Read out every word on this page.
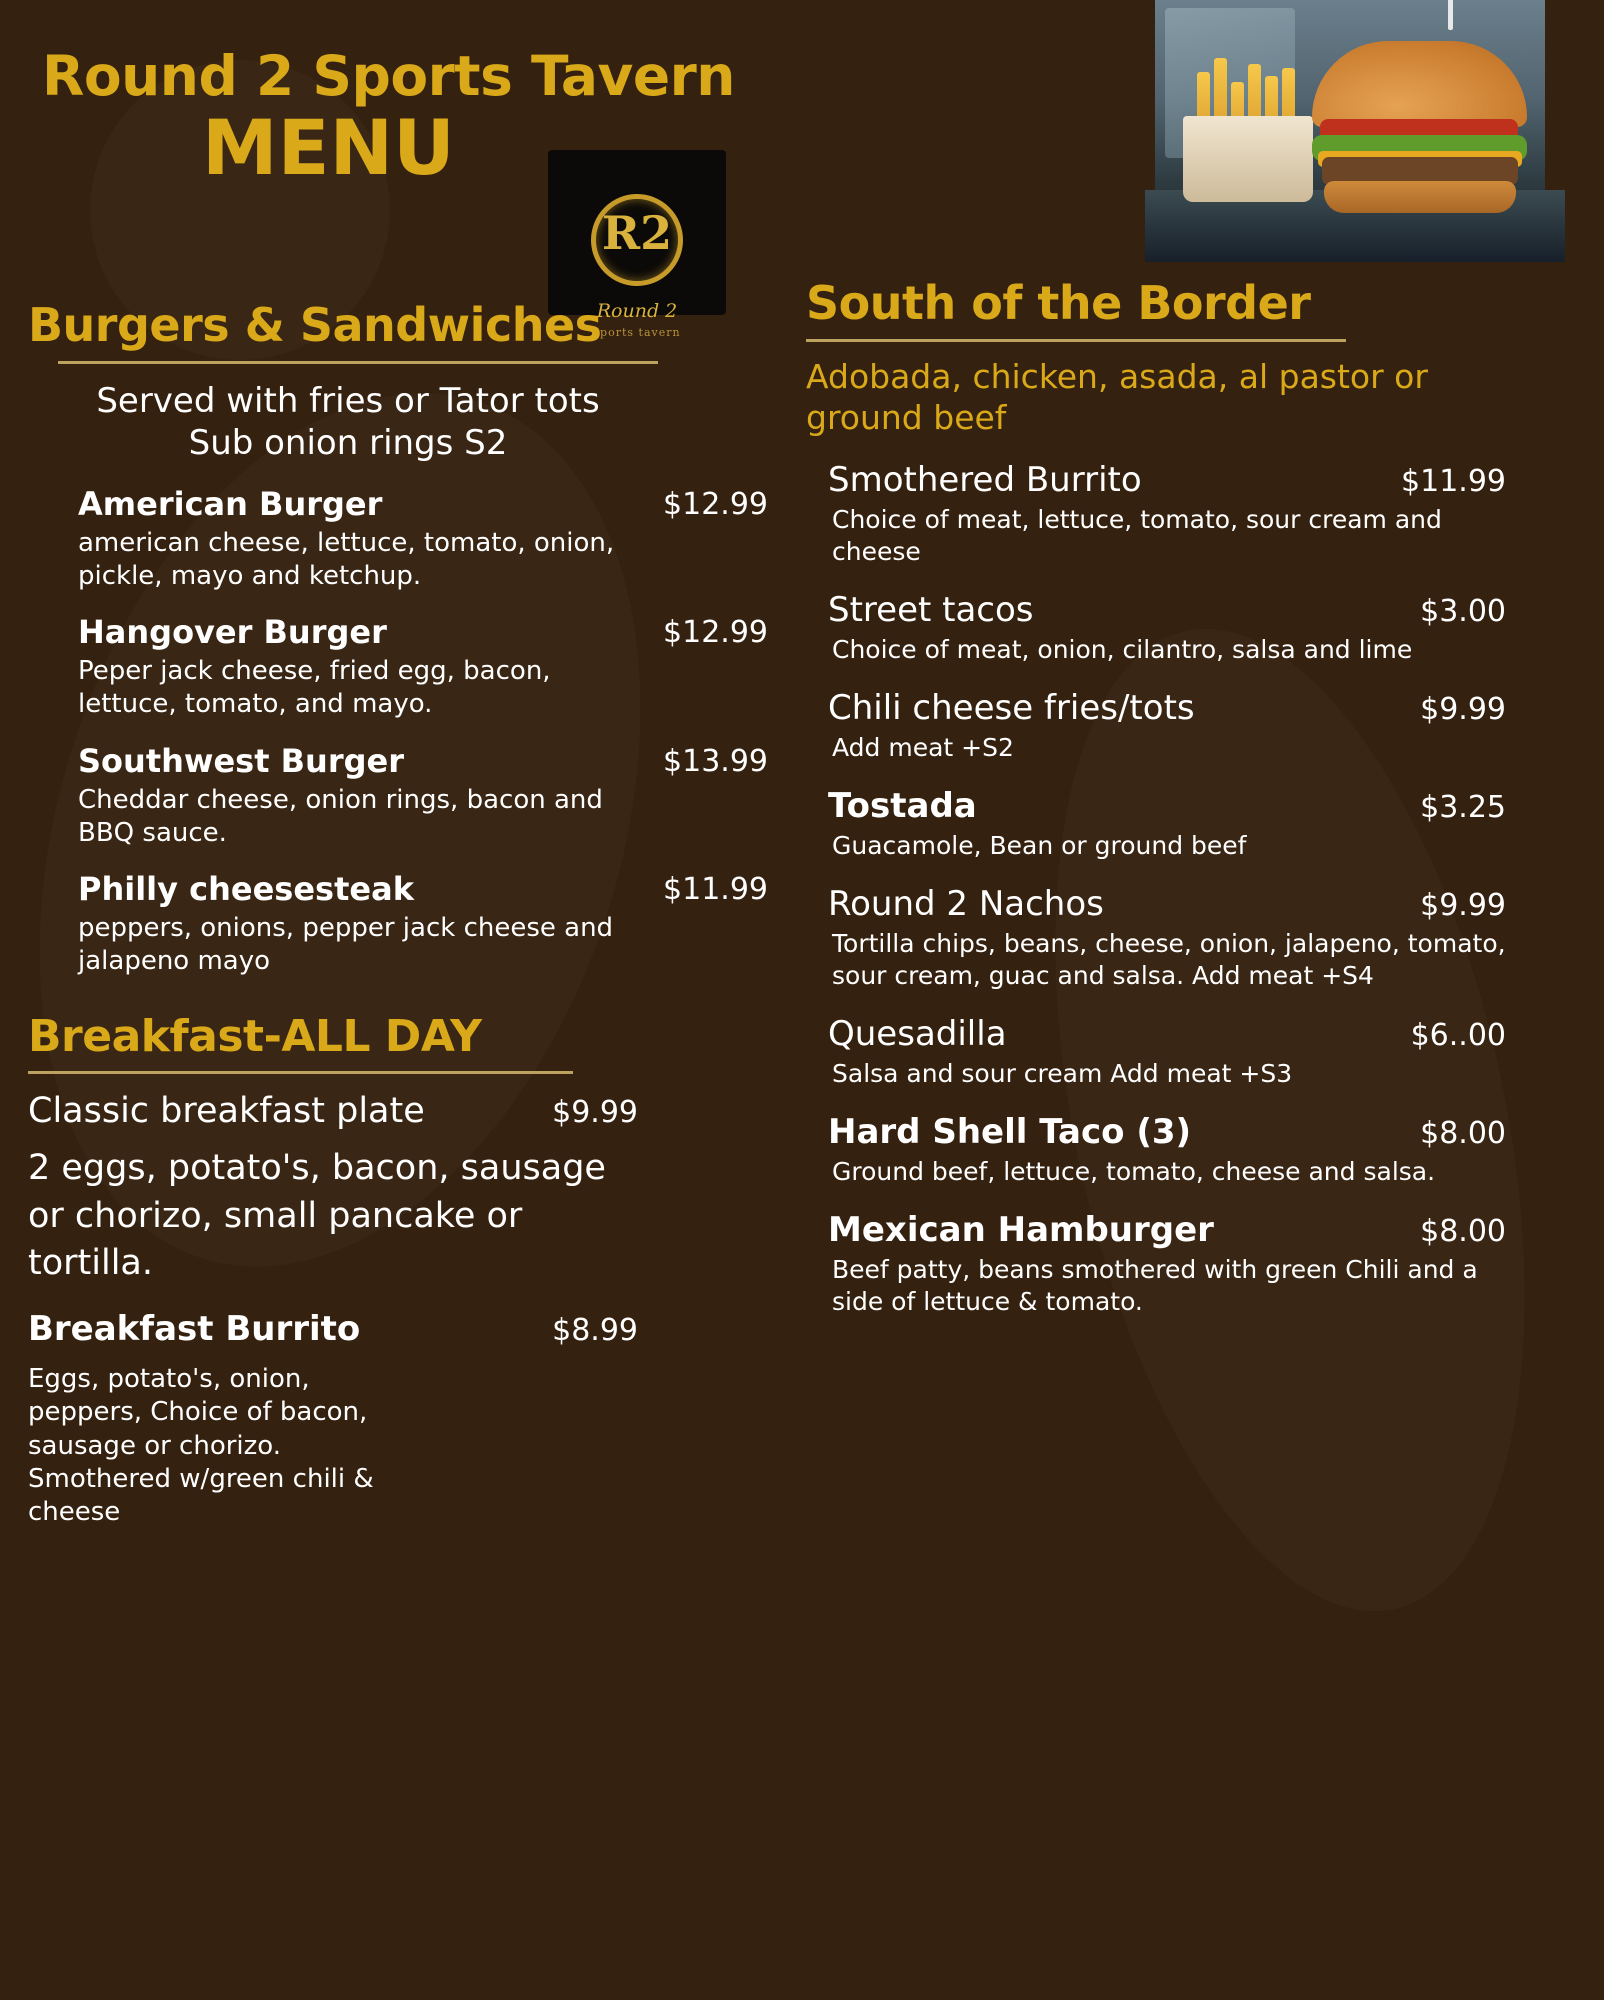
Round 2 Sports Tavern
MENU
R2
Round 2
sports tavern
Burgers & Sandwiches
Served with fries or Tator tots
Sub onion rings S2
American Burger	$12.99
american cheese, lettuce, tomato, onion, pickle, mayo and ketchup.
Hangover Burger	$12.99
Peper jack cheese, fried egg, bacon, lettuce, tomato, and mayo.
Southwest Burger	$13.99
Cheddar cheese, onion rings, bacon and BBQ sauce.
Philly cheesesteak	$11.99
peppers, onions, pepper jack cheese and jalapeno mayo
Breakfast-ALL DAY
Classic breakfast plate	$9.99
2 eggs, potato's, bacon, sausage or chorizo, small pancake or tortilla.
Breakfast Burrito	$8.99
Eggs, potato's, onion, peppers, Choice of bacon, sausage or chorizo. Smothered w/green chili & cheese
South of the Border
Adobada, chicken, asada, al pastor or ground beef
Smothered Burrito	$11.99
Choice of meat, lettuce, tomato, sour cream and cheese
Street tacos	$3.00
Choice of meat, onion, cilantro, salsa and lime
Chili cheese fries/tots	$9.99
Add meat +S2
Tostada	$3.25
Guacamole, Bean or ground beef
Round 2 Nachos	$9.99
Tortilla chips, beans, cheese, onion, jalapeno, tomato, sour cream, guac and salsa. Add meat +S4
Quesadilla	$6..00
Salsa and sour cream Add meat +S3
Hard Shell Taco (3)	$8.00
Ground beef, lettuce, tomato, cheese and salsa.
Mexican Hamburger	$8.00
Beef patty, beans smothered with green Chili and a side of lettuce & tomato.
